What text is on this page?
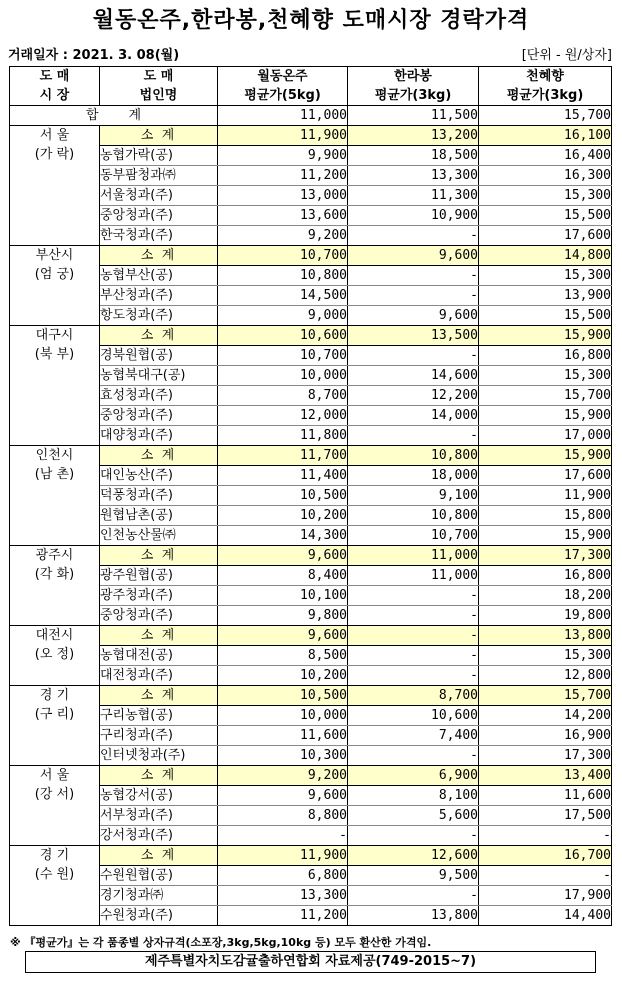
월동온주,한라봉,천혜향 도매시장 경락가격
거래일자 : 2021. 3. 08(월)	[단위 - 원/상자]
도 매	도 매	월동온주	한라봉	천혜향
시 장	법인명	평균가(5kg)	평균가(3kg)	평균가(3kg)
합계		11,000	11,500	15,700

서 울
(가 락)	소 계	11,900	13,200	16,100
	농협가락(공)	9,900	18,500	16,400
	동부팜청과㈜	11,200	13,300	16,300
	서울청과(주)	13,000	11,300	15,300
	중앙청과(주)	13,600	10,900	15,500
	한국청과(주)	9,200	-	17,600

부산시
(엄 궁)	소 계	10,700	9,600	14,800
	농협부산(공)	10,800	-	15,300
	부산청과(주)	14,500	-	13,900
	항도청과(주)	9,000	9,600	15,500

대구시
(북 부)	소 계	10,600	13,500	15,900
	경북원협(공)	10,700	-	16,800
	농협북대구(공)	10,000	14,600	15,300
	효성청과(주)	8,700	12,200	15,700
	중앙청과(주)	12,000	14,000	15,900
	대양청과(주)	11,800	-	17,000

인천시
(남 촌)	소 계	11,700	10,800	15,900
	대인농산(주)	11,400	18,000	17,600
	덕풍청과(주)	10,500	9,100	11,900
	원협남촌(공)	10,200	10,800	15,800
	인천농산물㈜	14,300	10,700	15,900

광주시
(각 화)	소 계	9,600	11,000	17,300
	광주원협(공)	8,400	11,000	16,800
	광주청과(주)	10,100	-	18,200
	중앙청과(주)	9,800	-	19,800

대전시
(오 정)	소 계	9,600	-	13,800
	농협대전(공)	8,500	-	15,300
	대전청과(주)	10,200	-	12,800

경 기
(구 리)	소 계	10,500	8,700	15,700
	구리농협(공)	10,000	10,600	14,200
	구리청과(주)	11,600	7,400	16,900
	인터넷청과(주)	10,300	-	17,300

서 울
(강 서)	소 계	9,200	6,900	13,400
	농협강서(공)	9,600	8,100	11,600
	서부청과(주)	8,800	5,600	17,500
	강서청과(주)	-	-	-

경 기
(수 원)	소 계	11,900	12,600	16,700
	수원원협(공)	6,800	9,500	-
	경기청과㈜	13,300	-	17,900
	수원청과(주)	11,200	13,800	14,400
※ 『평균가』는 각 품종별 상자규격(소포장,3kg,5kg,10kg 등) 모두 환산한 가격임.
제주특별자치도감귤출하연합회 자료제공(749-2015~7)
